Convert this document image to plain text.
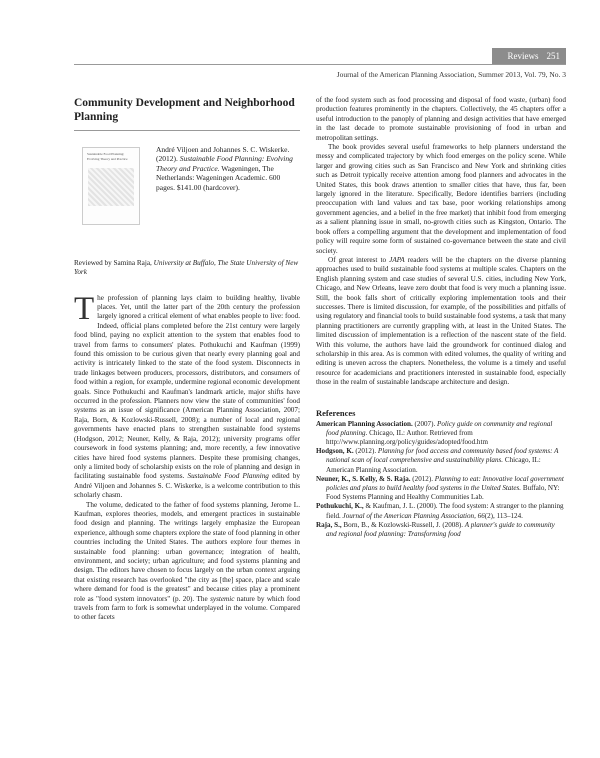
Reviews 251
Journal of the American Planning Association, Summer 2013, Vol. 79, No. 3
Community Development and Neighborhood Planning
Sustainable Food Planning: Evolving Theory and Practice
André Viljoen and Johannes S. C. Wiskerke. (2012). Sustainable Food Planning: Evolving Theory and Practice. Wageningen, The Netherlands: Wageningen Academic. 600 pages. $141.00 (hardcover).
Reviewed by Samina Raja, University at Buffalo, The State University of New York

The profession of planning lays claim to building healthy, livable places. Yet, until the latter part of the 20th century the profession largely ignored a critical element of what enables people to live: food. Indeed, official plans completed before the 21st century were largely food blind, paying no explicit attention to the system that enables food to travel from farms to consumers' plates. Pothukuchi and Kaufman (1999) found this omission to be curious given that nearly every planning goal and activity is intricately linked to the state of the food system. Disconnects in trade linkages between producers, processors, distributors, and consumers of food within a region, for example, undermine regional economic development goals. Since Pothukuchi and Kaufman's landmark article, major shifts have occurred in the profession. Planners now view the state of communities' food systems as an issue of significance (American Planning Association, 2007; Raja, Born, & Kozlowski-Russell, 2008); a number of local and regional governments have enacted plans to strengthen sustainable food systems (Hodgson, 2012; Neuner, Kelly, & Raja, 2012); university programs offer coursework in food systems planning; and, more recently, a few innovative cities have hired food systems planners. Despite these promising changes, only a limited body of scholarship exists on the role of planning and design in facilitating sustainable food systems. Sustainable Food Planning edited by André Viljoen and Johannes S. C. Wiskerke, is a welcome contribution to this scholarly chasm.

The volume, dedicated to the father of food systems planning, Jerome L. Kaufman, explores theories, models, and emergent practices in sustainable food design and planning. The writings largely emphasize the European experience, although some chapters explore the state of food planning in other countries including the United States. The authors explore four themes in sustainable food planning: urban governance; integration of health, environment, and society; urban agriculture; and food systems planning and design. The editors have chosen to focus largely on the urban context arguing that existing research has overlooked "the city as [the] space, place and scale where demand for food is the greatest" and because cities play a prominent role as "food system innovators" (p. 20). The systemic nature by which food travels from farm to fork is somewhat underplayed in the volume. Compared to other facets

of the food system such as food processing and disposal of food waste, (urban) food production features prominently in the chapters. Collectively, the 45 chapters offer a useful introduction to the panoply of planning and design activities that have emerged in the last decade to promote sustainable provisioning of food in urban and metropolitan settings.

The book provides several useful frameworks to help planners understand the messy and complicated trajectory by which food emerges on the policy scene. While larger and growing cities such as San Francisco and New York and shrinking cities such as Detroit typically receive attention among food planners and advocates in the United States, this book draws attention to smaller cities that have, thus far, been largely ignored in the literature. Specifically, Bedore identifies barriers (including preoccupation with land values and tax base, poor working relationships among government agencies, and a belief in the free market) that inhibit food from emerging as a salient planning issue in small, no-growth cities such as Kingston, Ontario. The book offers a compelling argument that the development and implementation of food policy will require some form of sustained co-governance between the state and civil society.

Of great interest to JAPA readers will be the chapters on the diverse planning approaches used to build sustainable food systems at multiple scales. Chapters on the English planning system and case studies of several U.S. cities, including New York, Chicago, and New Orleans, leave zero doubt that food is very much a planning issue. Still, the book falls short of critically exploring implementation tools and their successes. There is limited discussion, for example, of the possibilities and pitfalls of using regulatory and financial tools to build sustainable food systems, a task that many planning practitioners are currently grappling with, at least in the United States. The limited discussion of implementation is a reflection of the nascent state of the field. With this volume, the authors have laid the groundwork for continued dialog and scholarship in this area. As is common with edited volumes, the quality of writing and editing is uneven across the chapters. Nonetheless, the volume is a timely and useful resource for academicians and practitioners interested in sustainable food, especially those in the realm of sustainable landscape architecture and design.

References

American Planning Association. (2007). Policy guide on community and regional food planning. Chicago, IL: Author. Retrieved from http://www.planning.org/policy/guides/adopted/food.htm

Hodgson, K. (2012). Planning for food access and community based food systems: A national scan of local comprehensive and sustainability plans. Chicago, IL: American Planning Association.

Neuner, K., S. Kelly, & S. Raja. (2012). Planning to eat: Innovative local government policies and plans to build healthy food systems in the United States. Buffalo, NY: Food Systems Planning and Healthy Communities Lab.

Pothukuchi, K., & Kaufman, J. L. (2000). The food system: A stranger to the planning field. Journal of the American Planning Association, 66(2), 113–124.

Raja, S., Born, B., & Kozlowski-Russell, J. (2008). A planner's guide to community and regional food planning: Transforming food
